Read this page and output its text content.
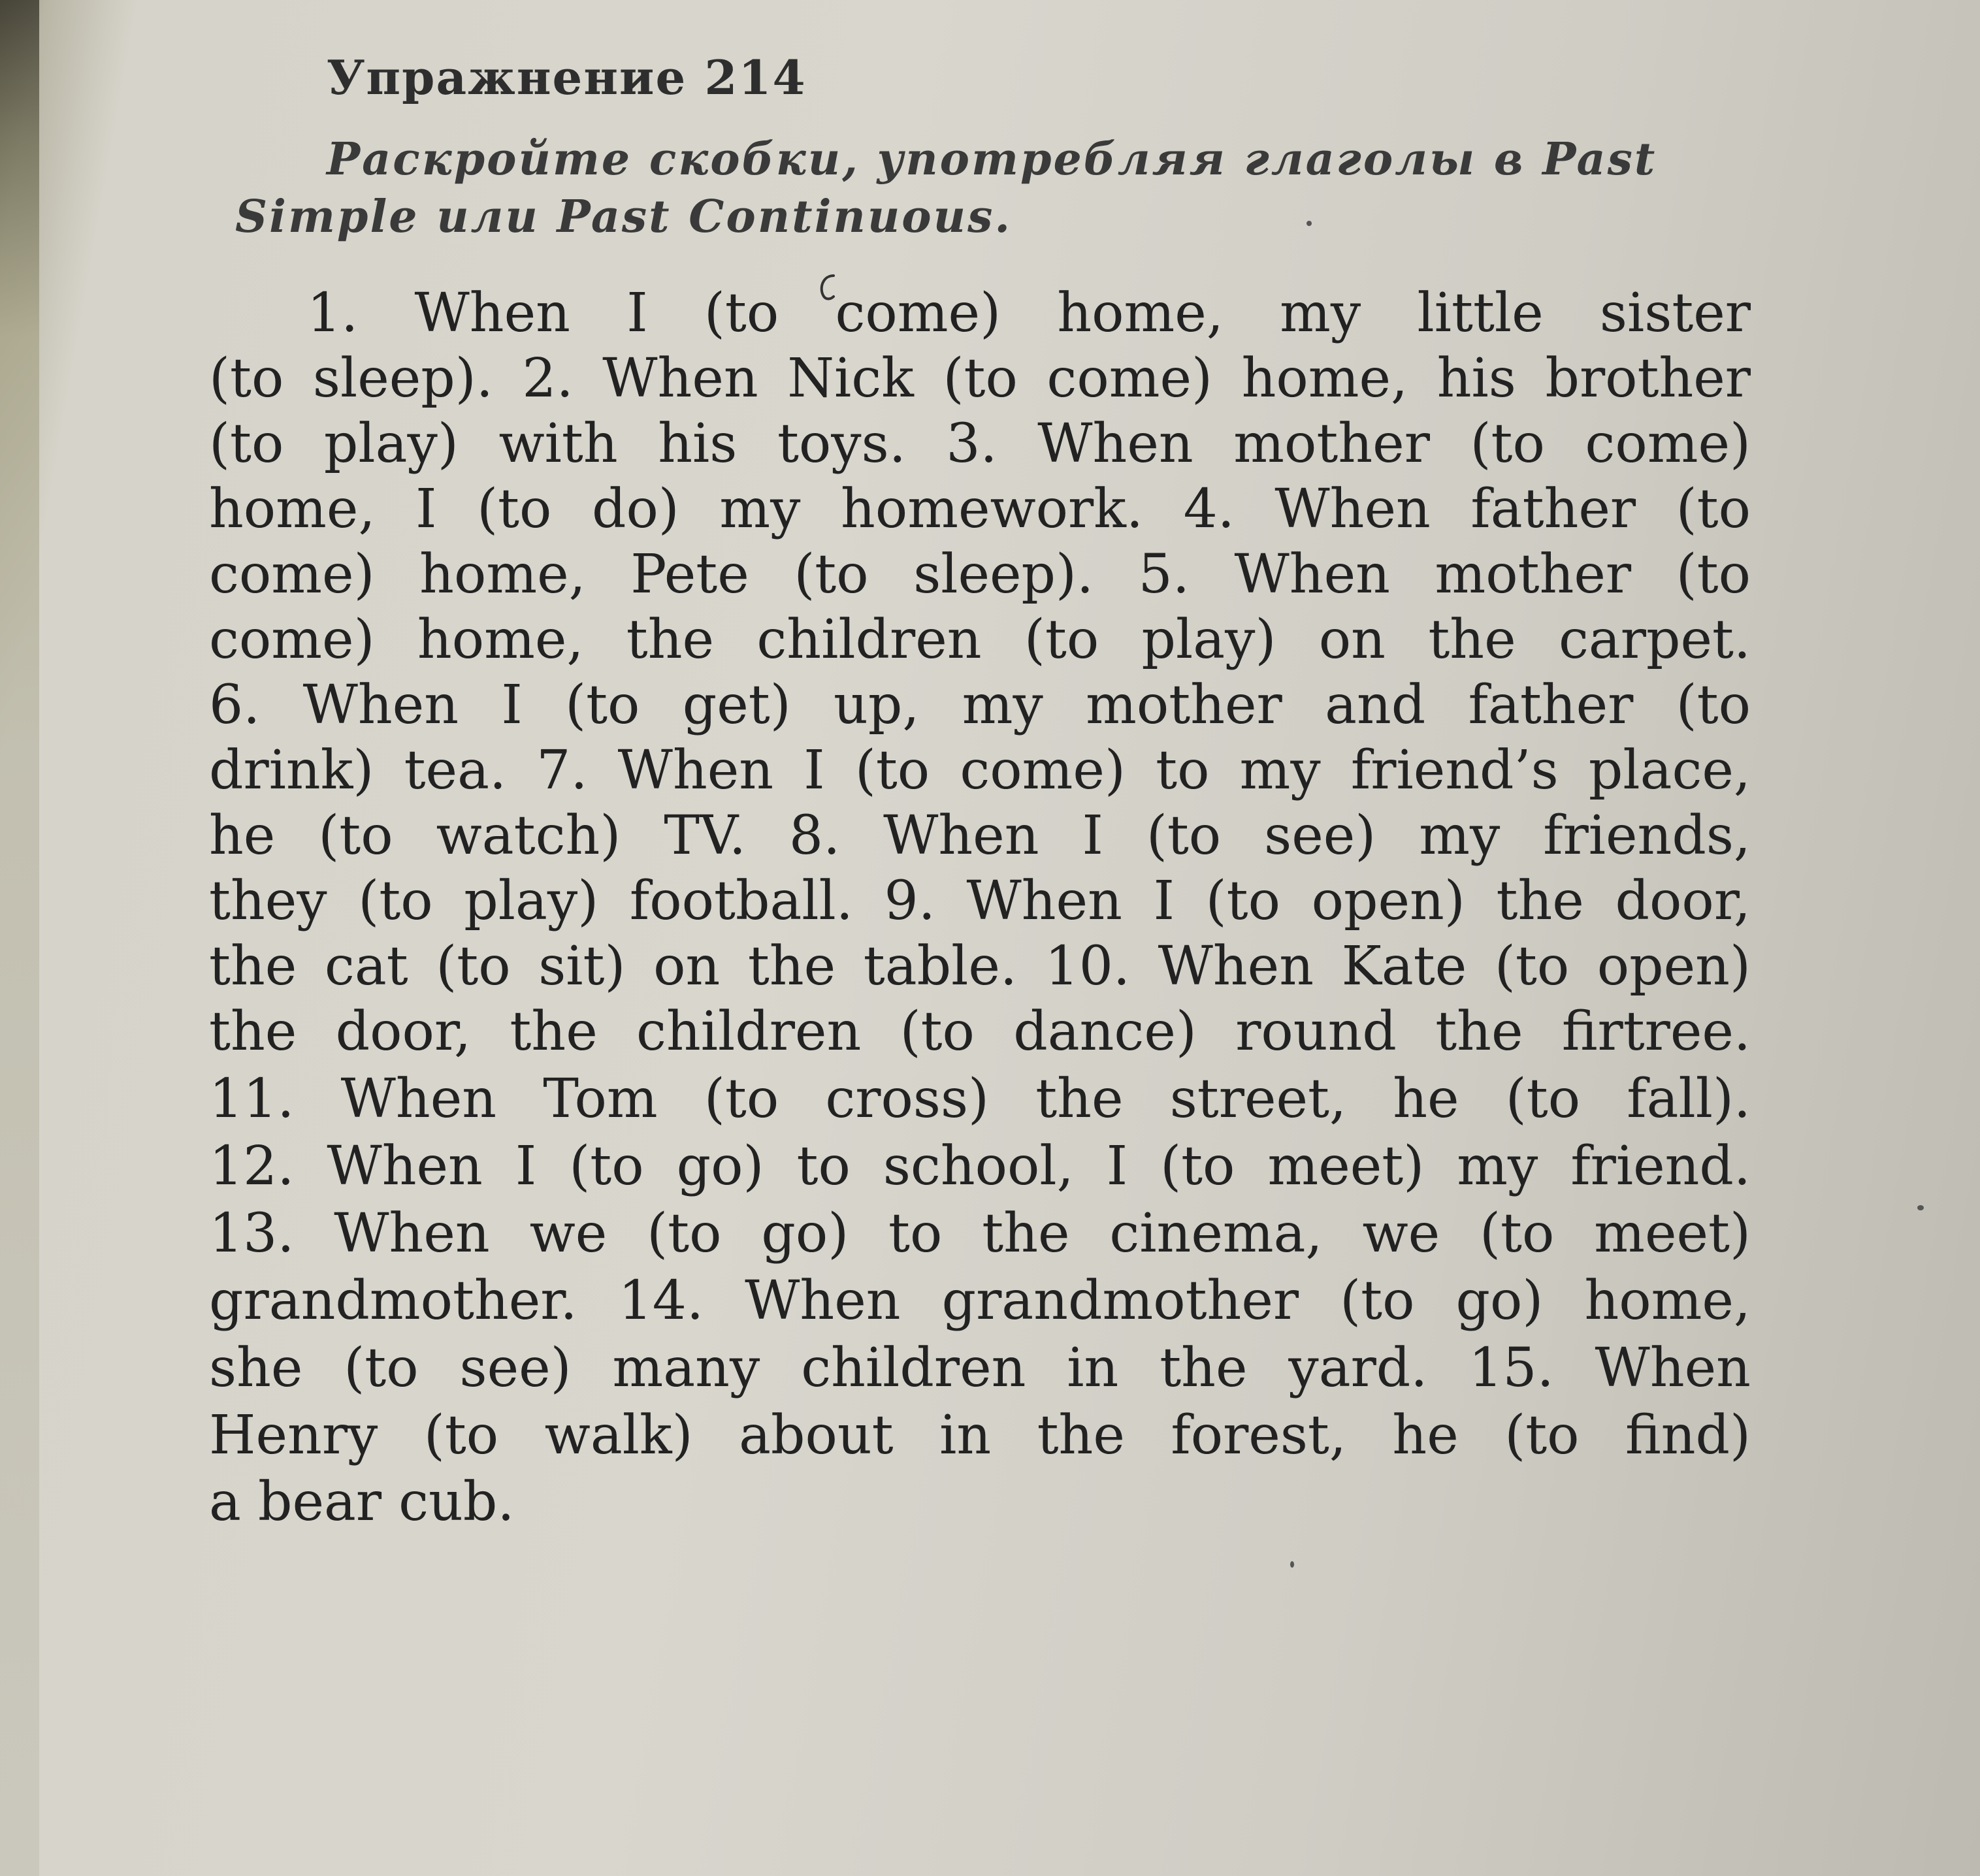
Упражнение 214
Раскройте скобки, употребляя глаголы в Past
Simple или Past Continuous.
1. When I (to come) home, my little sister
(to sleep). 2. When Nick (to come) home, his brother
(to play) with his toys. 3. When mother (to come)
home, I (to do) my homework. 4. When father (to
come) home, Pete (to sleep). 5. When mother (to
come) home, the children (to play) on the carpet.
6. When I (to get) up, my mother and father (to
drink) tea. 7. When I (to come) to my friend’s place,
he (to watch) TV. 8. When I (to see) my friends,
they (to play) football. 9. When I (to open) the door,
the cat (to sit) on the table. 10. When Kate (to open)
the door, the children (to dance) round the firtree.
11. When Tom (to cross) the street, he (to fall).
12. When I (to go) to school, I (to meet) my friend.
13. When we (to go) to the cinema, we (to meet)
grandmother. 14. When grandmother (to go) home,
she (to see) many children in the yard. 15. When
Henry (to walk) about in the forest, he (to find)
a bear cub.
